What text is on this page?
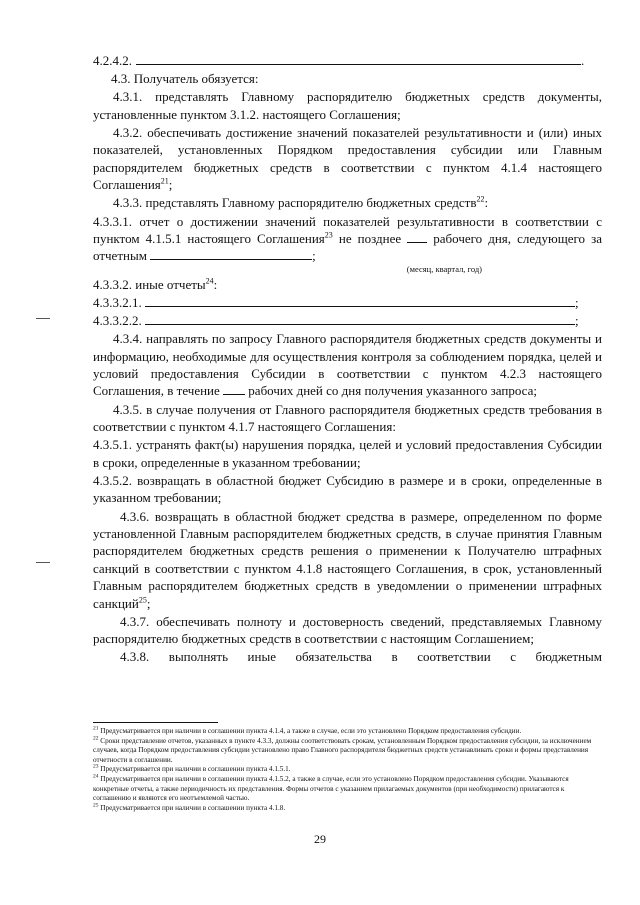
4.2.4.2.	.

4.3. Получатель обязуется:

4.3.1. представлять Главному распорядителю бюджетных средств документы, установленные пунктом 3.1.2. настоящего Соглашения;

4.3.2. обеспечивать достижение значений показателей результативности и (или) иных показателей, установленных Порядком предоставления субсидии или Главным распорядителем бюджетных средств в соответствии с пунктом 4.1.4 настоящего Соглашения$^{21}$;

4.3.3. представлять Главному распорядителю бюджетных средств$^{22}$:

4.3.3.1. отчет о достижении значений показателей результативности в соответствии с пунктом 4.1.5.1 настоящего Соглашения$^{23}$ не позднее рабочего дня, следующего за отчетным	;

(месяц, квартал, год)

4.3.3.2. иные отчеты$^{24}$:

4.3.3.2.1.	;

4.3.3.2.2.	;

4.3.4. направлять по запросу Главного распорядителя бюджетных средств документы и информацию, необходимые для осуществления контроля за соблюдением порядка, целей и условий предоставления Субсидии в соответствии с пунктом 4.2.3 настоящего Соглашения, в течение рабочих дней со дня получения указанного запроса;

4.3.5. в случае получения от Главного распорядителя бюджетных средств требования в соответствии с пунктом 4.1.7 настоящего Соглашения:

4.3.5.1. устранять факт(ы) нарушения порядка, целей и условий предоставления Субсидии в сроки, определенные в указанном требовании;

4.3.5.2. возвращать в областной бюджет Субсидию в размере и в сроки, определенные в указанном требовании;

4.3.6. возвращать в областной бюджет средства в размере, определенном по форме установленной Главным распорядителем бюджетных средств, в случае принятия Главным распорядителем бюджетных средств решения о применении к Получателю штрафных санкций в соответствии с пунктом 4.1.8 настоящего Соглашения, в срок, установленный Главным распорядителем бюджетных средств в уведомлении о применении штрафных санкций$^{25}$;

4.3.7. обеспечивать полноту и достоверность сведений, представляемых Главному распорядителю бюджетных средств в соответствии с настоящим Соглашением;

4.3.8. выполнять иные обязательства в соответствии с бюджетным

$^{21}$ Предусматривается при наличии в соглашении пункта 4.1.4, а также в случае, если это установлено Порядком предоставления субсидии.

$^{22}$ Сроки представление отчетов, указанных в пункте 4.3.3, должны соответствовать срокам, установленным Порядком предоставления субсидии, за исключением случаев, когда Порядком предоставления субсидии установлено право Главного распорядителя бюджетных средств устанавливать сроки и формы представления отчетности в соглашении.

$^{23}$ Предусматривается при наличии в соглашении пункта 4.1.5.1.

$^{24}$ Предусматривается при наличии в соглашении пункта 4.1.5.2, а также в случае, если это установлено Порядком предоставления субсидии. Указываются конкретные отчеты, а также периодичность их представления. Формы отчетов с указанием прилагаемых документов (при необходимости) прилагаются к соглашению и являются его неотъемлемой частью.

$^{25}$ Предусматривается при наличии в соглашении пункта 4.1.8.

29
